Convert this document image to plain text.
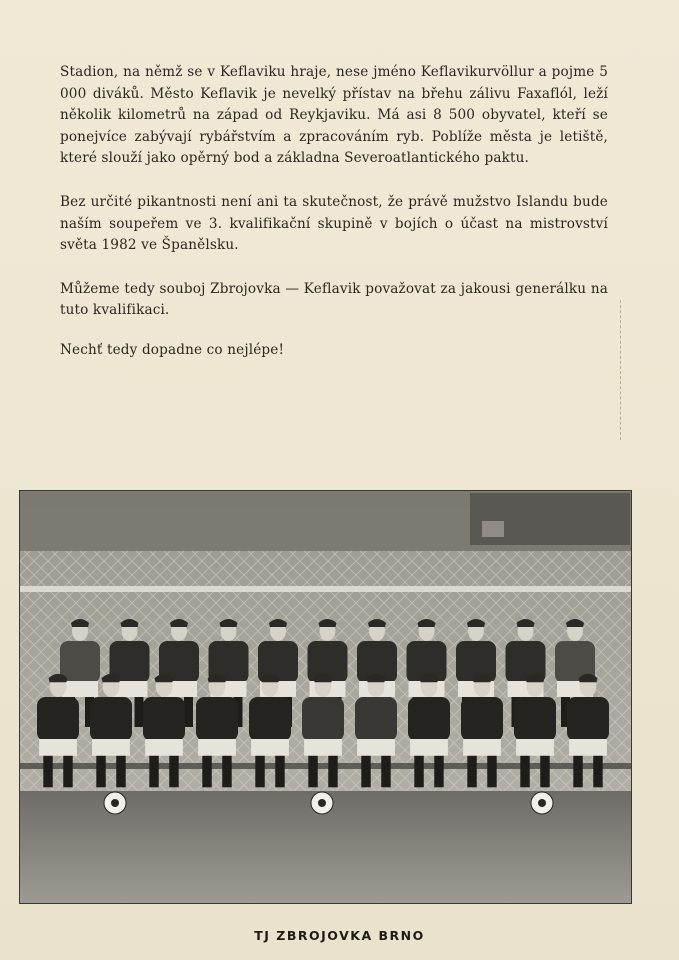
Stadion, na němž se v Keflaviku hraje, nese jméno Keflavikurvöllur a pojme 5 000 diváků. Město Keflavik je nevelký přístav na břehu zálivu Faxaflól, leží několik kilometrů na západ od Reykjaviku. Má asi 8 500 obyvatel, kteří se ponejvíce zabývají rybářstvím a zpracováním ryb. Poblíže města je letiště, které slouží jako opěrný bod a základna Severoatlantického paktu.

Bez určité pikantnosti není ani ta skutečnost, že právě mužstvo Islandu bude naším soupeřem ve 3. kvalifikační skupině v bojích o účast na mistrovství světa 1982 ve Španělsku.

Můžeme tedy souboj Zbrojovka — Keflavik považovat za jakousi generálku na tuto kvalifikaci.

Nechť tedy dopadne co nejlépe!

TJ ZBROJOVKA BRNO
